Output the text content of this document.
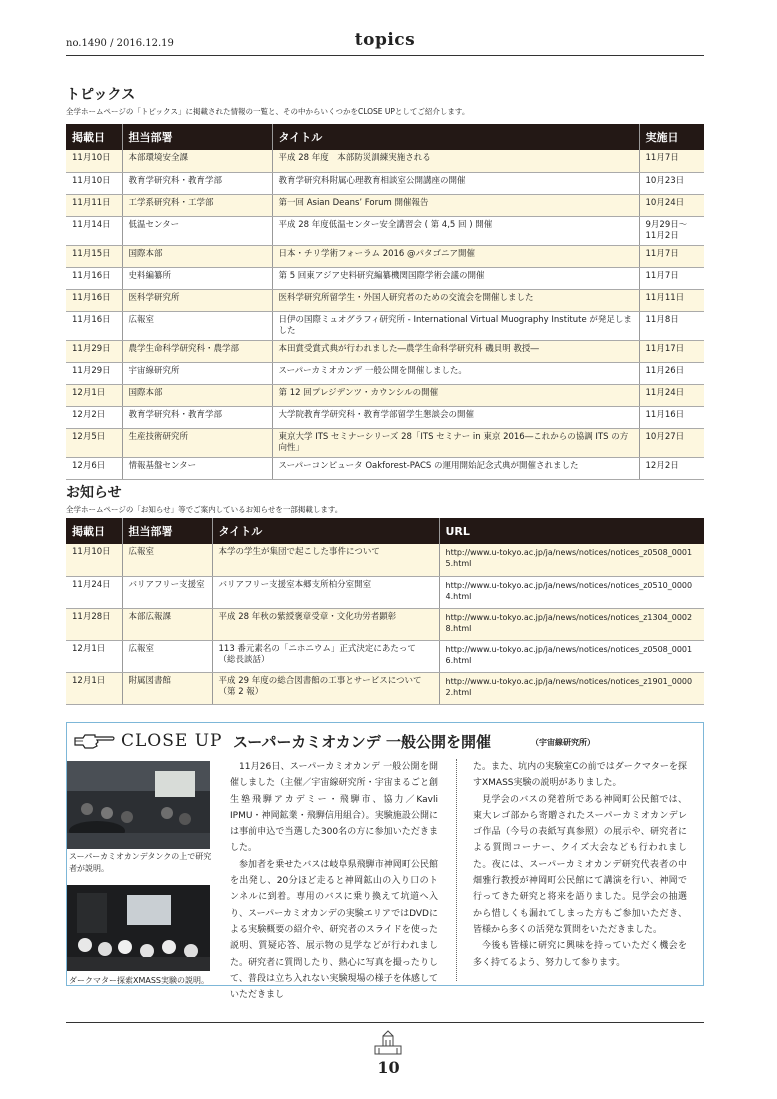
no.1490 / 2016.12.19	topics
トピックス
全学ホームページの「トピックス」に掲載された情報の一覧と、その中からいくつかをCLOSE UPとしてご紹介します。
掲載日	担当部署	タイトル	実施日
11月10日	本部環境安全課	平成 28 年度　本部防災訓練実施される	11月7日
11月10日	教育学研究科・教育学部	教育学研究科附属心理教育相談室公開講座の開催	10月23日
11月11日	工学系研究科・工学部	第一回 Asian Deans’ Forum 開催報告	10月24日
11月14日	低温センター	平成 28 年度低温センター安全講習会 ( 第 4,5 回 ) 開催	9月29日～11月2日
11月15日	国際本部	日本・チリ学術フォーラム 2016 @パタゴニア開催	11月7日
11月16日	史料編纂所	第 5 回東アジア史料研究編纂機関国際学術会議の開催	11月7日
11月16日	医科学研究所	医科学研究所留学生・外国人研究者のための交流会を開催しました	11月11日
11月16日	広報室	日伊の国際ミュオグラフィ研究所 - International Virtual Muography Institute が発足しました	11月8日
11月29日	農学生命科学研究科・農学部	本田賞受賞式典が行われました―農学生命科学研究科 磯貝明 教授―	11月17日
11月29日	宇宙線研究所	スーパーカミオカンデ 一般公開を開催しました。	11月26日
12月1日	国際本部	第 12 回プレジデンツ・カウンシルの開催	11月24日
12月2日	教育学研究科・教育学部	大学院教育学研究科・教育学部留学生懇談会の開催	11月16日
12月5日	生産技術研究所	東京大学 ITS セミナーシリーズ 28「ITS セミナー in 東京 2016―これからの協調 ITS の方向性」	10月27日
12月6日	情報基盤センター	スーパーコンピュータ Oakforest-PACS の運用開始記念式典が開催されました	12月2日
お知らせ
全学ホームページの「お知らせ」等でご案内しているお知らせを一部掲載します。
掲載日	担当部署	タイトル	URL
11月10日	広報室	本学の学生が集団で起こした事件について	http://www.u-tokyo.ac.jp/ja/news/notices/notices_z0508_00015.html
11月24日	バリアフリー支援室	バリアフリー支援室本郷支所柏分室開室	http://www.u-tokyo.ac.jp/ja/news/notices/notices_z0510_00004.html
11月28日	本部広報課	平成 28 年秋の紫綬褒章受章・文化功労者顕彰	http://www.u-tokyo.ac.jp/ja/news/notices/notices_z1304_00028.html
12月1日	広報室	113 番元素名の「ニホニウム」正式決定にあたって（総長談話）	http://www.u-tokyo.ac.jp/ja/news/notices/notices_z0508_00016.html
12月1日	附属図書館	平成 29 年度の総合図書館の工事とサービスについて（第 2 報）	http://www.u-tokyo.ac.jp/ja/news/notices/notices_z1901_00002.html
CLOSE UP スーパーカミオカンデ 一般公開を開催	（宇宙線研究所）
スーパーカミオカンデタンクの上で研究者が説明。
ダークマター探索XMASS実験の説明。

11月26日、スーパーカミオカンデ 一般公開を開催しました（主催／宇宙線研究所・宇宙まるごと創生塾飛騨アカデミー・飛騨市、協力／Kavli IPMU・神岡鉱業・飛騨信用組合）。実験施設公開には事前申込で当選した300名の方に参加いただきました。

参加者を乗せたバスは岐阜県飛騨市神岡町公民館を出発し、20分ほど走ると神岡鉱山の入り口のトンネルに到着。専用のバスに乗り換えて坑道へ入り、スーパーカミオカンデの実験エリアではDVDによる実験概要の紹介や、研究者のスライドを使った説明、質疑応答、展示物の見学などが行われました。研究者に質問したり、熱心に写真を撮ったりして、普段は立ち入れない実験現場の様子を体感していただきまし

た。また、坑内の実験室Cの前ではダークマターを探すXMASS実験の説明がありました。

見学会のバスの発着所である神岡町公民館では、東大レゴ部から寄贈されたスーパーカミオカンデレゴ作品（今号の表紙写真参照）の展示や、研究者による質問コーナー、クイズ大会なども行われました。夜には、スーパーカミオカンデ研究代表者の中畑雅行教授が神岡町公民館にて講演を行い、神岡で行ってきた研究と将来を語りました。見学会の抽選から惜しくも漏れてしまった方もご参加いただき、皆様から多くの活発な質問をいただきました。

今後も皆様に研究に興味を持っていただく機会を多く持てるよう、努力して参ります。

10
